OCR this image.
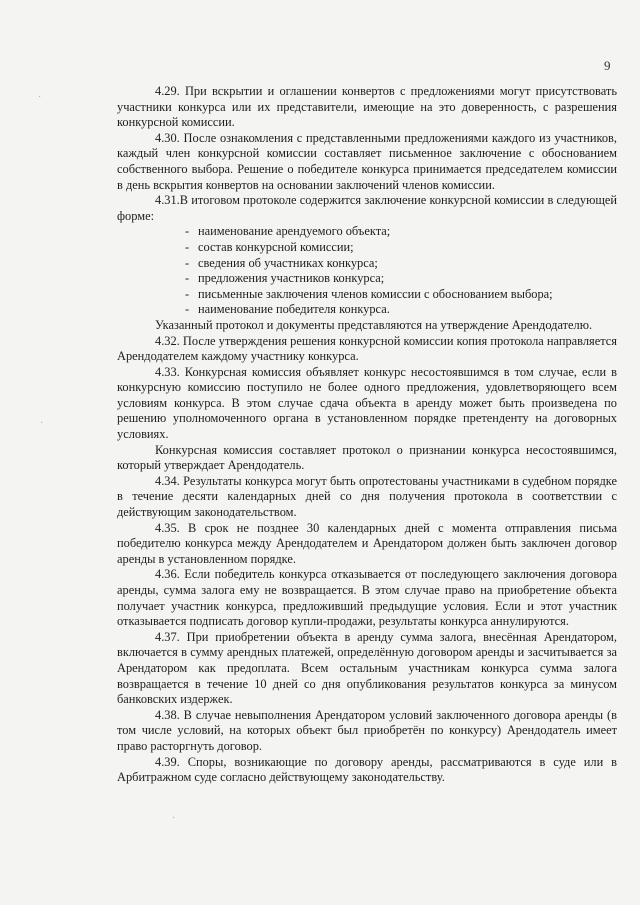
9
·
·
·

4.29. При вскрытии и оглашении конвертов с предложениями могут присутствовать участники конкурса или их представители, имеющие на это доверенность, с разрешения конкурсной комиссии.

4.30. После ознакомления с представленными предложениями каждого из участников, каждый член конкурсной комиссии составляет письменное заключение с обоснованием собственного выбора. Решение о победителе конкурса принимается председателем комиссии в день вскрытия конвертов на основании заключений членов комиссии.

4.31.В итоговом протоколе содержится заключение конкурсной комиссии в следующей форме:

- наименование арендуемого объекта;
- состав конкурсной комиссии;
- сведения об участниках конкурса;
- предложения участников конкурса;
- письменные заключения членов комиссии с обоснованием выбора;
- наименование победителя конкурса.

Указанный протокол и документы представляются на утверждение Арендодателю.

4.32. После утверждения решения конкурсной комиссии копия протокола направляется Арендодателем каждому участнику конкурса.

4.33. Конкурсная комиссия объявляет конкурс несостоявшимся в том случае, если в конкурсную комиссию поступило не более одного предложения, удовлетворяющего всем условиям конкурса. В этом случае сдача объекта в аренду может быть произведена по решению уполномоченного органа в установленном порядке претенденту на договорных условиях.

Конкурсная комиссия составляет протокол о признании конкурса несостоявшимся, который утверждает Арендодатель.

4.34. Результаты конкурса могут быть опротестованы участниками в судебном порядке в течение десяти календарных дней со дня получения протокола в соответствии с действующим законодательством.

4.35. В срок не позднее 30 календарных дней с момента отправления письма победителю конкурса между Арендодателем и Арендатором должен быть заключен договор аренды в установленном порядке.

4.36. Если победитель конкурса отказывается от последующего заключения договора аренды, сумма залога ему не возвращается. В этом случае право на приобретение объекта получает участник конкурса, предложивший предыдущие условия. Если и этот участник отказывается подписать договор купли-продажи, результаты конкурса аннулируются.

4.37. При приобретении объекта в аренду сумма залога, внесённая Арендатором, включается в сумму арендных платежей, определённую договором аренды и засчитывается за Арендатором как предоплата. Всем остальным участникам конкурса сумма залога возвращается в течение 10 дней со дня опубликования результатов конкурса за минусом банковских издержек.

4.38. В случае невыполнения Арендатором условий заключенного договора аренды (в том числе условий, на которых объект был приобретён по конкурсу) Арендодатель имеет право расторгнуть договор.

4.39. Споры, возникающие по договору аренды, рассматриваются в суде или в Арбитражном суде согласно действующему законодательству.
